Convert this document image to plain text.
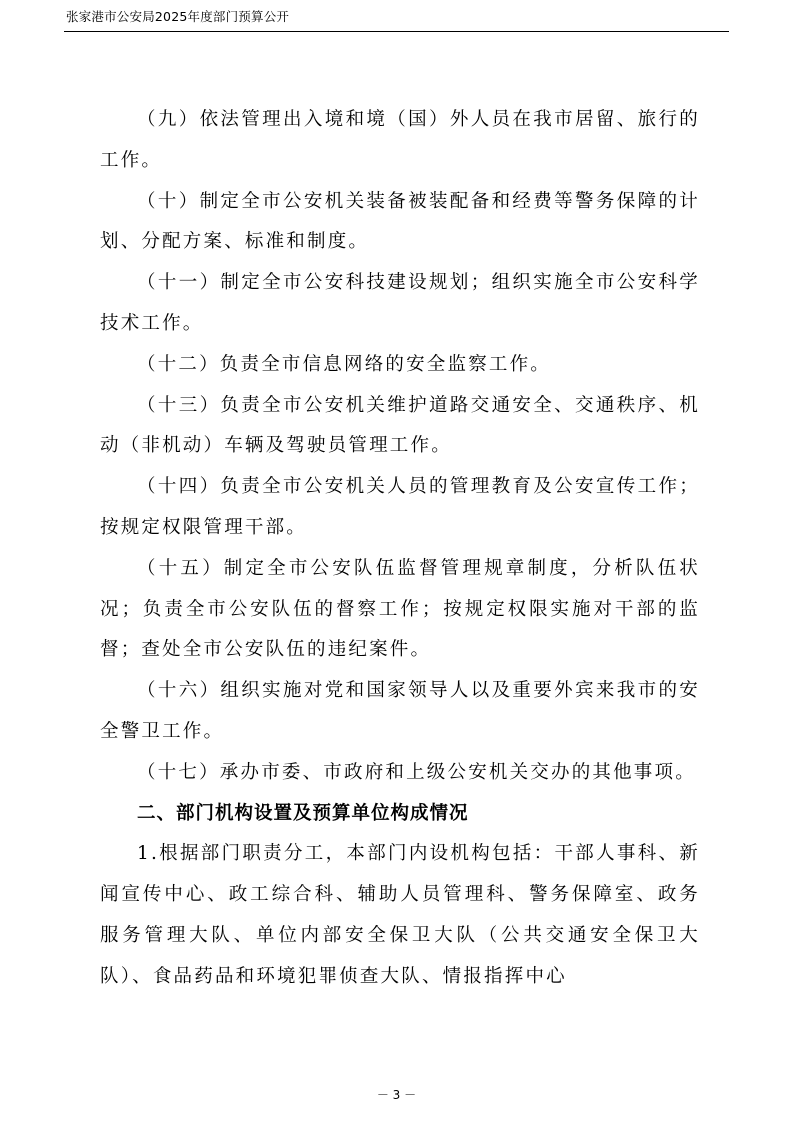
张家港市公安局2025年度部门预算公开

（九）依法管理出入境和境（国）外人员在我市居留、旅行的工作。

（十）制定全市公安机关装备被装配备和经费等警务保障的计划、分配方案、标准和制度。

（十一）制定全市公安科技建设规划；组织实施全市公安科学技术工作。

（十二）负责全市信息网络的安全监察工作。

（十三）负责全市公安机关维护道路交通安全、交通秩序、机动（非机动）车辆及驾驶员管理工作。

（十四）负责全市公安机关人员的管理教育及公安宣传工作；按规定权限管理干部。

（十五）制定全市公安队伍监督管理规章制度，分析队伍状况；负责全市公安队伍的督察工作；按规定权限实施对干部的监督；查处全市公安队伍的违纪案件。

（十六）组织实施对党和国家领导人以及重要外宾来我市的安全警卫工作。

（十七）承办市委、市政府和上级公安机关交办的其他事项。

二、部门机构设置及预算单位构成情况

1.根据部门职责分工，本部门内设机构包括：干部人事科、新闻宣传中心、政工综合科、辅助人员管理科、警务保障室、政务服务管理大队、单位内部安全保卫大队（公共交通安全保卫大队）、食品药品和环境犯罪侦查大队、情报指挥中心

－ 3 －
